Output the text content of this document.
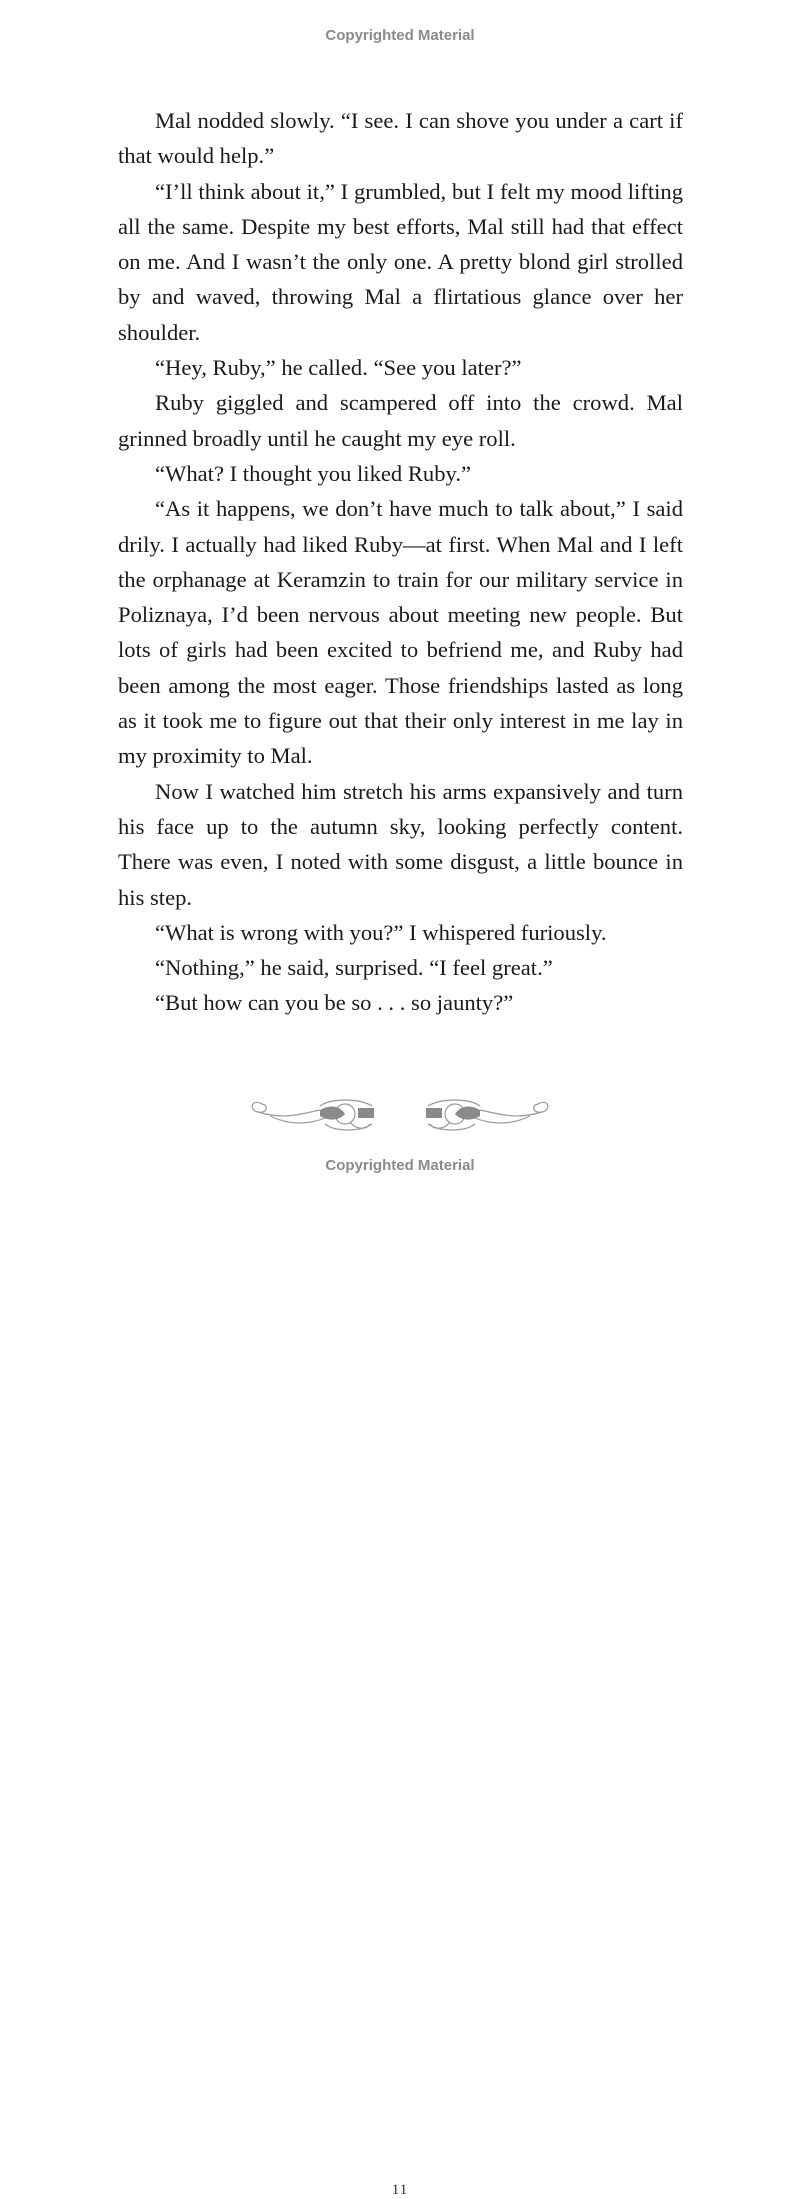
Copyrighted Material

Mal nodded slowly. “I see. I can shove you under a cart if that would help.”

“I’ll think about it,” I grumbled, but I felt my mood lifting all the same. Despite my best efforts, Mal still had that effect on me. And I wasn’t the only one. A pretty blond girl strolled by and waved, throwing Mal a flirtatious glance over her shoulder.

“Hey, Ruby,” he called. “See you later?”

Ruby giggled and scampered off into the crowd. Mal grinned broadly until he caught my eye roll.

“What? I thought you liked Ruby.”

“As it happens, we don’t have much to talk about,” I said drily. I actually had liked Ruby—at first. When Mal and I left the orphanage at Keramzin to train for our military service in Poliznaya, I’d been nervous about meeting new people. But lots of girls had been excited to befriend me, and Ruby had been among the most eager. Those friendships lasted as long as it took me to figure out that their only interest in me lay in my proximity to Mal.

Now I watched him stretch his arms expansively and turn his face up to the autumn sky, looking perfectly content. There was even, I noted with some disgust, a little bounce in his step.

“What is wrong with you?” I whispered furiously.

“Nothing,” he said, surprised. “I feel great.”

“But how can you be so . . . so jaunty?”

11
Copyrighted Material
